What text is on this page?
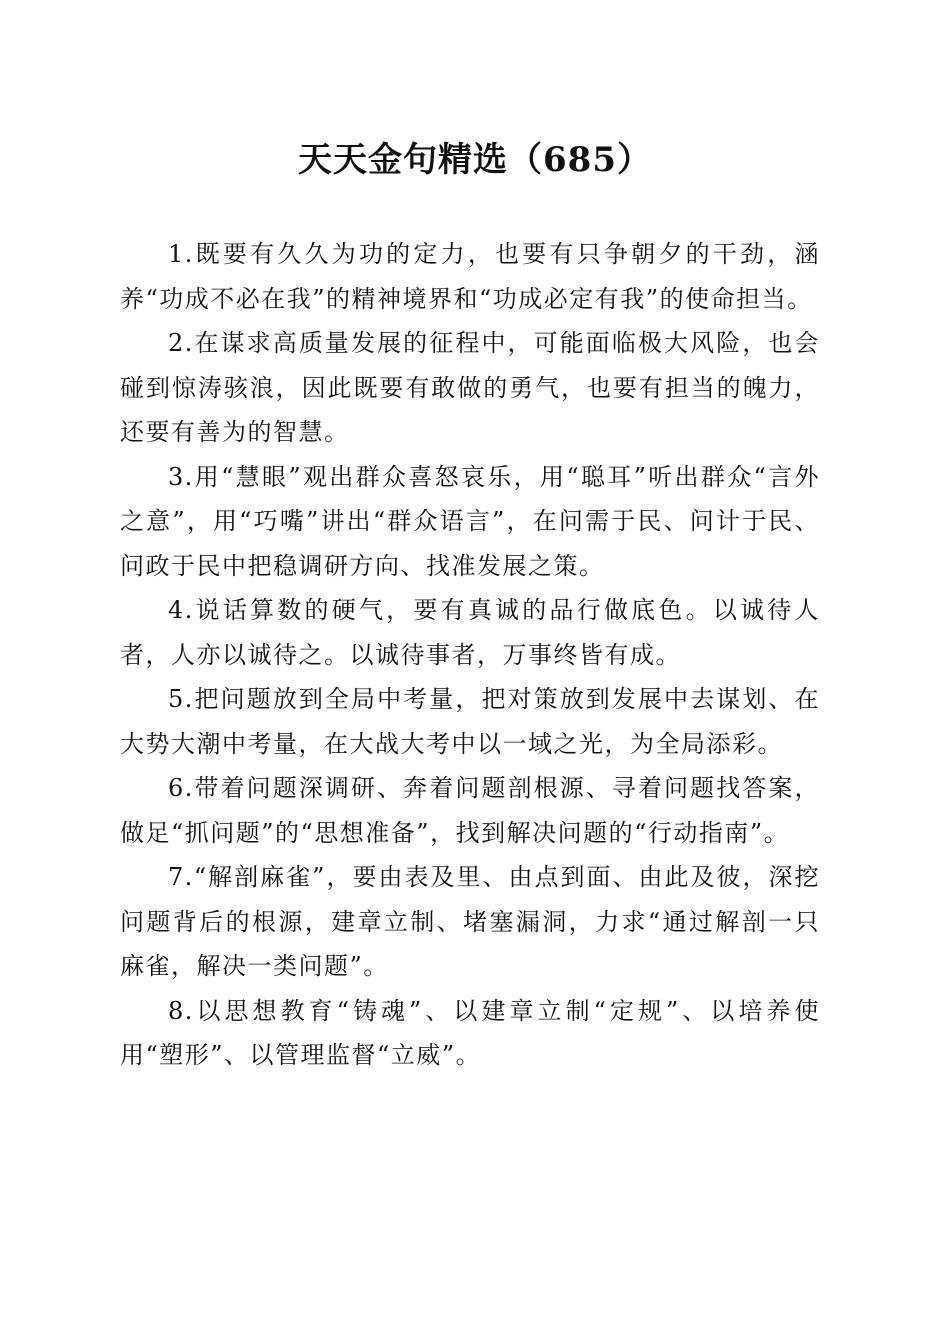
天天金句精选（685）

1.既要有久久为功的定力，也要有只争朝夕的干劲，涵养“功成不必在我”的精神境界和“功成必定有我”的使命担当。

2.在谋求高质量发展的征程中，可能面临极大风险，也会碰到惊涛骇浪，因此既要有敢做的勇气，也要有担当的魄力，还要有善为的智慧。

3.用“慧眼”观出群众喜怒哀乐，用“聪耳”听出群众“言外之意”，用“巧嘴”讲出“群众语言”，在问需于民、问计于民、问政于民中把稳调研方向、找准发展之策。

4.说话算数的硬气，要有真诚的品行做底色。以诚待人者，人亦以诚待之。以诚待事者，万事终皆有成。

5.把问题放到全局中考量，把对策放到发展中去谋划、在大势大潮中考量，在大战大考中以一域之光，为全局添彩。

6.带着问题深调研、奔着问题剖根源、寻着问题找答案，做足“抓问题”的“思想准备”，找到解决问题的“行动指南”。

7.“解剖麻雀”，要由表及里、由点到面、由此及彼，深挖问题背后的根源，建章立制、堵塞漏洞，力求“通过解剖一只麻雀，解决一类问题”。

8.以思想教育“铸魂”、以建章立制“定规”、以培养使用“塑形”、以管理监督“立威”。
